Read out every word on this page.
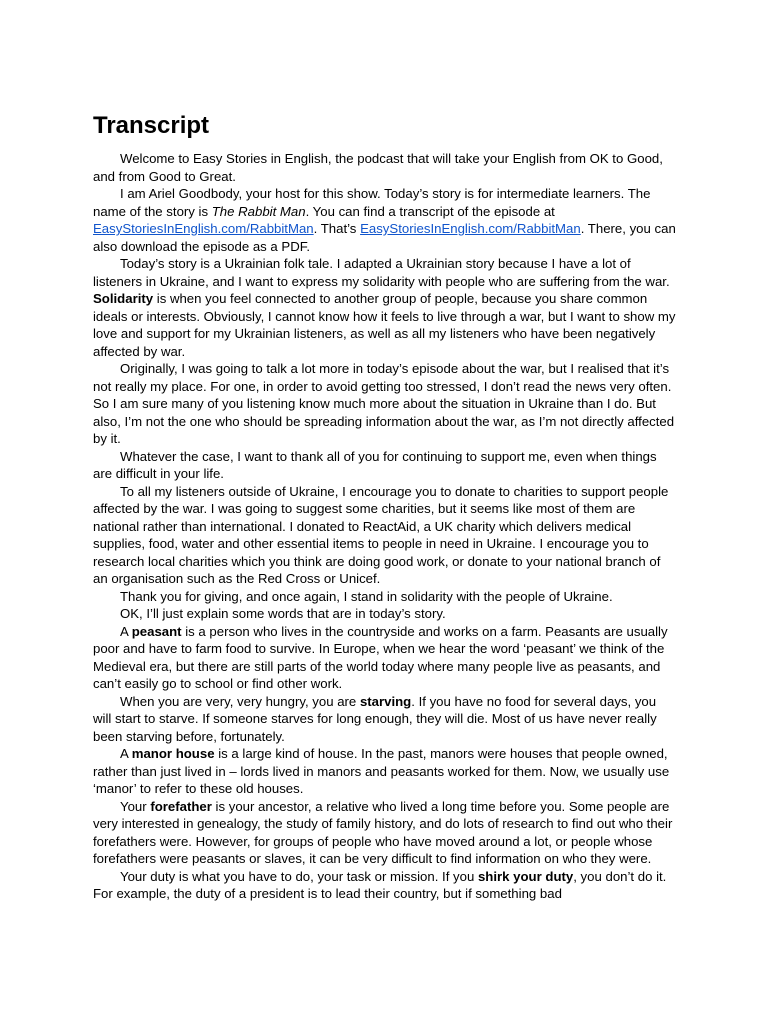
Transcript

Welcome to Easy Stories in English, the podcast that will take your English from OK to Good, and from Good to Great.

I am Ariel Goodbody, your host for this show. Today’s story is for intermediate learners. The name of the story is The Rabbit Man. You can find a transcript of the episode at EasyStoriesInEnglish.com/RabbitMan. That’s EasyStoriesInEnglish.com/RabbitMan. There, you can also download the episode as a PDF.

Today’s story is a Ukrainian folk tale. I adapted a Ukrainian story because I have a lot of listeners in Ukraine, and I want to express my solidarity with people who are suffering from the war. Solidarity is when you feel connected to another group of people, because you share common ideals or interests. Obviously, I cannot know how it feels to live through a war, but I want to show my love and support for my Ukrainian listeners, as well as all my listeners who have been negatively affected by war.

Originally, I was going to talk a lot more in today’s episode about the war, but I realised that it’s not really my place. For one, in order to avoid getting too stressed, I don’t read the news very often. So I am sure many of you listening know much more about the situation in Ukraine than I do. But also, I’m not the one who should be spreading information about the war, as I’m not directly affected by it.

Whatever the case, I want to thank all of you for continuing to support me, even when things are difficult in your life.

To all my listeners outside of Ukraine, I encourage you to donate to charities to support people affected by the war. I was going to suggest some charities, but it seems like most of them are national rather than international. I donated to ReactAid, a UK charity which delivers medical supplies, food, water and other essential items to people in need in Ukraine. I encourage you to research local charities which you think are doing good work, or donate to your national branch of an organisation such as the Red Cross or Unicef.

Thank you for giving, and once again, I stand in solidarity with the people of Ukraine.

OK, I’ll just explain some words that are in today’s story.

A peasant is a person who lives in the countryside and works on a farm. Peasants are usually poor and have to farm food to survive. In Europe, when we hear the word ‘peasant’ we think of the Medieval era, but there are still parts of the world today where many people live as peasants, and can’t easily go to school or find other work.

When you are very, very hungry, you are starving. If you have no food for several days, you will start to starve. If someone starves for long enough, they will die. Most of us have never really been starving before, fortunately.

A manor house is a large kind of house. In the past, manors were houses that people owned, rather than just lived in – lords lived in manors and peasants worked for them. Now, we usually use ‘manor’ to refer to these old houses.

Your forefather is your ancestor, a relative who lived a long time before you. Some people are very interested in genealogy, the study of family history, and do lots of research to find out who their forefathers were. However, for groups of people who have moved around a lot, or people whose forefathers were peasants or slaves, it can be very difficult to find information on who they were.

Your duty is what you have to do, your task or mission. If you shirk your duty, you don’t do it. For example, the duty of a president is to lead their country, but if something bad
